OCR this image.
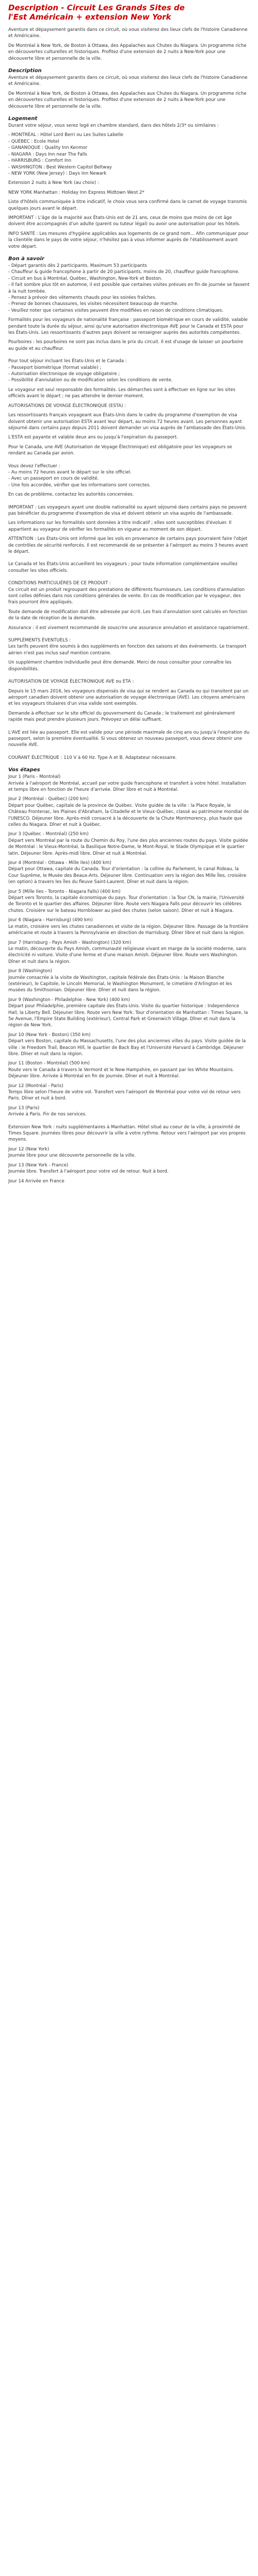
Description - Circuit Les Grands Sites de
l'Est Américain + extension New York

Aventure et dépaysement garantis dans ce circuit, où vous visiterez des lieux clefs de l'histoire Canadienne et Américaine.

De Montréal à New York, de Boston à Ottawa, des Appalaches aux Chutes du Niagara. Un programme riche en découvertes culturelles et historiques. Profitez d'une extension de 2 nuits à New-York pour une découverte libre et personnelle de la ville.

Description

Aventure et dépaysement garantis dans ce circuit, où vous visiterez des lieux clefs de l'histoire Canadienne et Américaine.

De Montréal à New York, de Boston à Ottawa, des Appalaches aux Chutes du Niagara. Un programme riche en découvertes culturelles et historiques. Profitez d'une extension de 2 nuits à New-York pour une découverte libre et personnelle de la ville.

Logement

Durant votre séjour, vous serez logé en chambre standard, dans des hôtels 2/3* ou similaires :

- MONTRÉAL : Hôtel Lord Berri ou Les Suites Labelle

- QUÉBEC : Ecole Hotel

- GANANOQUE : Quality Inn Kenmor

- NIAGARA : Days Inn near The Falls

- HARRISBURG : Comfort Inn

- WASHINGTON : Best Western Capitol Beltway

- NEW YORK (New Jersey) : Days Inn Newark

Extension 2 nuits à New York (au choix) :

NEW YORK Manhattan : Holiday Inn Express Midtown West 2*

Liste d'hôtels communiquée à titre indicatif, le choix vous sera confirmé dans le carnet de voyage transmis quelques jours avant le départ.

IMPORTANT : L'âge de la majorité aux États-Unis est de 21 ans, ceux de moins que moins de cet âge doivent être accompagnés d'un adulte (parent ou tuteur légal) ou avoir une autorisation pour les hôtels.

INFO SANTÉ : Les mesures d'hygiène applicables aux logements de ce grand nom... Afin communiquer pour la clientèle dans le pays de votre séjour, n'hésitez pas à vous informer auprès de l'établissement avant votre départ.

Bon à savoir

- Départ garantis dès 2 participants. Maximum 53 participants

- Chauffeur & guide francophone à partir de 20 participants, moins de 20, chauffeur guide francophone.

- Circuit en bus à Montréal, Québec, Washington, New-York et Boston.

- Il fait sombre plus tôt en automne, il est possible que certaines visites prévues en fin de journée se fassent à la nuit tombée.

- Pensez à prévoir des vêtements chauds pour les soirées fraîches.

- Prenez de bonnes chaussures, les visites nécessitent beaucoup de marche.

- Veuillez noter que certaines visites peuvent être modifiées en raison de conditions climatiques.

Formalités pour les voyageurs de nationalité française : passeport biométrique en cours de validité, valable pendant toute la durée du séjour, ainsi qu'une autorisation électronique AVE pour le Canada et ESTA pour les États-Unis. Les ressortissants d'autres pays doivent se renseigner auprès des autorités compétentes.

Pourboires : les pourboires ne sont pas inclus dans le prix du circuit. Il est d'usage de laisser un pourboire au guide et au chauffeur.

Pour tout séjour incluant les États-Unis et le Canada :

- Passeport biométrique (format valable) ;

- Autorisation électronique de voyage obligatoire ;

- Possibilité d'annulation ou de modification selon les conditions de vente.

Le voyageur est seul responsable des formalités. Les démarches sont à effectuer en ligne sur les sites officiels avant le départ ; ne pas attendre le dernier moment.

AUTORISATIONS DE VOYAGE ÉLECTRONIQUE (ESTA) :

Les ressortissants français voyageant aux États-Unis dans le cadre du programme d'exemption de visa doivent obtenir une autorisation ESTA avant leur départ, au moins 72 heures avant. Les personnes ayant séjourné dans certains pays depuis 2011 doivent demander un visa auprès de l'ambassade des États-Unis.

L'ESTA est payante et valable deux ans ou jusqu'à l'expiration du passeport.

Pour le Canada, une AVE (Autorisation de Voyage Électronique) est obligatoire pour les voyageurs se rendant au Canada par avion.

Vous devez l'effectuer :

- Au moins 72 heures avant le départ sur le site officiel.

- Avec un passeport en cours de validité.

- Une fois accordée, vérifier que les informations sont correctes.

En cas de problème, contactez les autorités concernées.

IMPORTANT : Les voyageurs ayant une double nationalité ou ayant séjourné dans certains pays ne peuvent pas bénéficier du programme d'exemption de visa et doivent obtenir un visa auprès de l'ambassade.

Les informations sur les formalités sont données à titre indicatif ; elles sont susceptibles d'évoluer. Il appartient au voyageur de vérifier les formalités en vigueur au moment de son départ.

ATTENTION : Les États-Unis ont informé que les vols en provenance de certains pays pourraient faire l'objet de contrôles de sécurité renforcés. Il est recommandé de se présenter à l'aéroport au moins 3 heures avant le départ.

Le Canada et les États-Unis accueillent les voyageurs ; pour toute information complémentaire veuillez consulter les sites officiels.

CONDITIONS PARTICULIÈRES DE CE PRODUIT :

Ce circuit est un produit regroupant des prestations de différents fournisseurs. Les conditions d'annulation sont celles définies dans nos conditions générales de vente. En cas de modification par le voyageur, des frais pourront être appliqués.

Toute demande de modification doit être adressée par écrit. Les frais d'annulation sont calculés en fonction de la date de réception de la demande.

Assurance : il est vivement recommandé de souscrire une assurance annulation et assistance rapatriement.

SUPPLÉMENTS ÉVENTUELS :

Les tarifs peuvent être soumis à des suppléments en fonction des saisons et des événements. Le transport aérien n'est pas inclus sauf mention contraire.

Un supplément chambre individuelle peut être demandé. Merci de nous consulter pour connaître les disponibilités.

AUTORISATION DE VOYAGE ÉLECTRONIQUE AVE ou ETA :

Depuis le 15 mars 2016, les voyageurs dispensés de visa qui se rendent au Canada ou qui transitent par un aéroport canadien doivent obtenir une autorisation de voyage électronique (AVE). Les citoyens américains et les voyageurs titulaires d'un visa valide sont exemptés.

Demande à effectuer sur le site officiel du gouvernement du Canada ; le traitement est généralement rapide mais peut prendre plusieurs jours. Prévoyez un délai suffisant.

L'AVE est liée au passeport. Elle est valide pour une période maximale de cinq ans ou jusqu'à l'expiration du passeport, selon la première éventualité. Si vous obtenez un nouveau passeport, vous devez obtenir une nouvelle AVE.

COURANT ÉLECTRIQUE : 110 V à 60 Hz. Type A et B. Adaptateur nécessaire.

Vos étapes

Jour 1 (Paris - Montréal)

Arrivée à l'aéroport de Montréal, accueil par votre guide francophone et transfert à votre hôtel. Installation et temps libre en fonction de l'heure d'arrivée. Dîner libre et nuit à Montréal.

Jour 2 (Montréal - Québec) (200 km)

Départ pour Québec, capitale de la province de Québec. Visite guidée de la ville : la Place Royale, le Château Frontenac, les Plaines d'Abraham, la Citadelle et le Vieux-Québec, classé au patrimoine mondial de l'UNESCO. Déjeuner libre. Après-midi consacré à la découverte de la Chute Montmorency, plus haute que celles du Niagara. Dîner et nuit à Québec.

Jour 3 (Québec - Montréal) (250 km)

Départ vers Montréal par la route du Chemin du Roy, l'une des plus anciennes routes du pays. Visite guidée de Montréal : le Vieux-Montréal, la Basilique Notre-Dame, le Mont-Royal, le Stade Olympique et le quartier latin. Déjeuner libre. Après-midi libre. Dîner et nuit à Montréal.

Jour 4 (Montréal - Ottawa - Mille Iles) (400 km)

Départ pour Ottawa, capitale du Canada. Tour d'orientation : la colline du Parlement, le canal Rideau, la Cour Suprême, le Musée des Beaux-Arts. Déjeuner libre. Continuation vers la région des Mille Îles, croisière (en option) à travers les îles du fleuve Saint-Laurent. Dîner et nuit dans la région.

Jour 5 (Mille Iles - Toronto - Niagara Falls) (400 km)

Départ vers Toronto, la capitale économique du pays. Tour d'orientation : la Tour CN, la mairie, l'Université de Toronto et le quartier des affaires. Déjeuner libre. Route vers Niagara Falls pour découvrir les célèbres chutes. Croisière sur le bateau Hornblower au pied des chutes (selon saison). Dîner et nuit à Niagara.

Jour 6 (Niagara - Harrisburg) (490 km)

Le matin, croisière vers les chutes canadiennes et visite de la région. Déjeuner libre. Passage de la frontière américaine et route à travers la Pennsylvanie en direction de Harrisburg. Dîner libre et nuit dans la région.

Jour 7 (Harrisburg - Pays Amish - Washington) (320 km)

Le matin, découverte du Pays Amish, communauté religieuse vivant en marge de la société moderne, sans électricité ni voiture. Visite d'une ferme et d'une maison Amish. Déjeuner libre. Route vers Washington. Dîner et nuit dans la région.

Jour 8 (Washington)

Journée consacrée à la visite de Washington, capitale fédérale des États-Unis : la Maison Blanche (extérieur), le Capitole, le Lincoln Memorial, le Washington Monument, le cimetière d'Arlington et les musées du Smithsonian. Déjeuner libre. Dîner et nuit dans la région.

Jour 9 (Washington - Philadelphie - New York) (400 km)

Départ pour Philadelphie, première capitale des États-Unis. Visite du quartier historique : Independence Hall, la Liberty Bell. Déjeuner libre. Route vers New York. Tour d'orientation de Manhattan : Times Square, la 5e Avenue, l'Empire State Building (extérieur), Central Park et Greenwich Village. Dîner et nuit dans la région de New York.

Jour 10 (New York - Boston) (350 km)

Départ vers Boston, capitale du Massachusetts, l'une des plus anciennes villes du pays. Visite guidée de la ville : le Freedom Trail, Beacon Hill, le quartier de Back Bay et l'Université Harvard à Cambridge. Déjeuner libre. Dîner et nuit dans la région.

Jour 11 (Boston - Montréal) (500 km)

Route vers le Canada à travers le Vermont et le New Hampshire, en passant par les White Mountains. Déjeuner libre. Arrivée à Montréal en fin de journée. Dîner et nuit à Montréal.

Jour 12 (Montréal - Paris)

Temps libre selon l'heure de votre vol. Transfert vers l'aéroport de Montréal pour votre vol de retour vers Paris. Dîner et nuit à bord.

Jour 13 (Paris)

Arrivée à Paris. Fin de nos services.

Extension New York : nuits supplémentaires à Manhattan. Hôtel situé au coeur de la ville, à proximité de Times Square. Journées libres pour découvrir la ville à votre rythme. Retour vers l'aéroport par vos propres moyens.

Jour 12 (New York)

Journée libre pour une découverte personnelle de la ville.

Jour 13 (New York - France)

Journée libre. Transfert à l'aéroport pour votre vol de retour. Nuit à bord.

Jour 14 Arrivée en France
